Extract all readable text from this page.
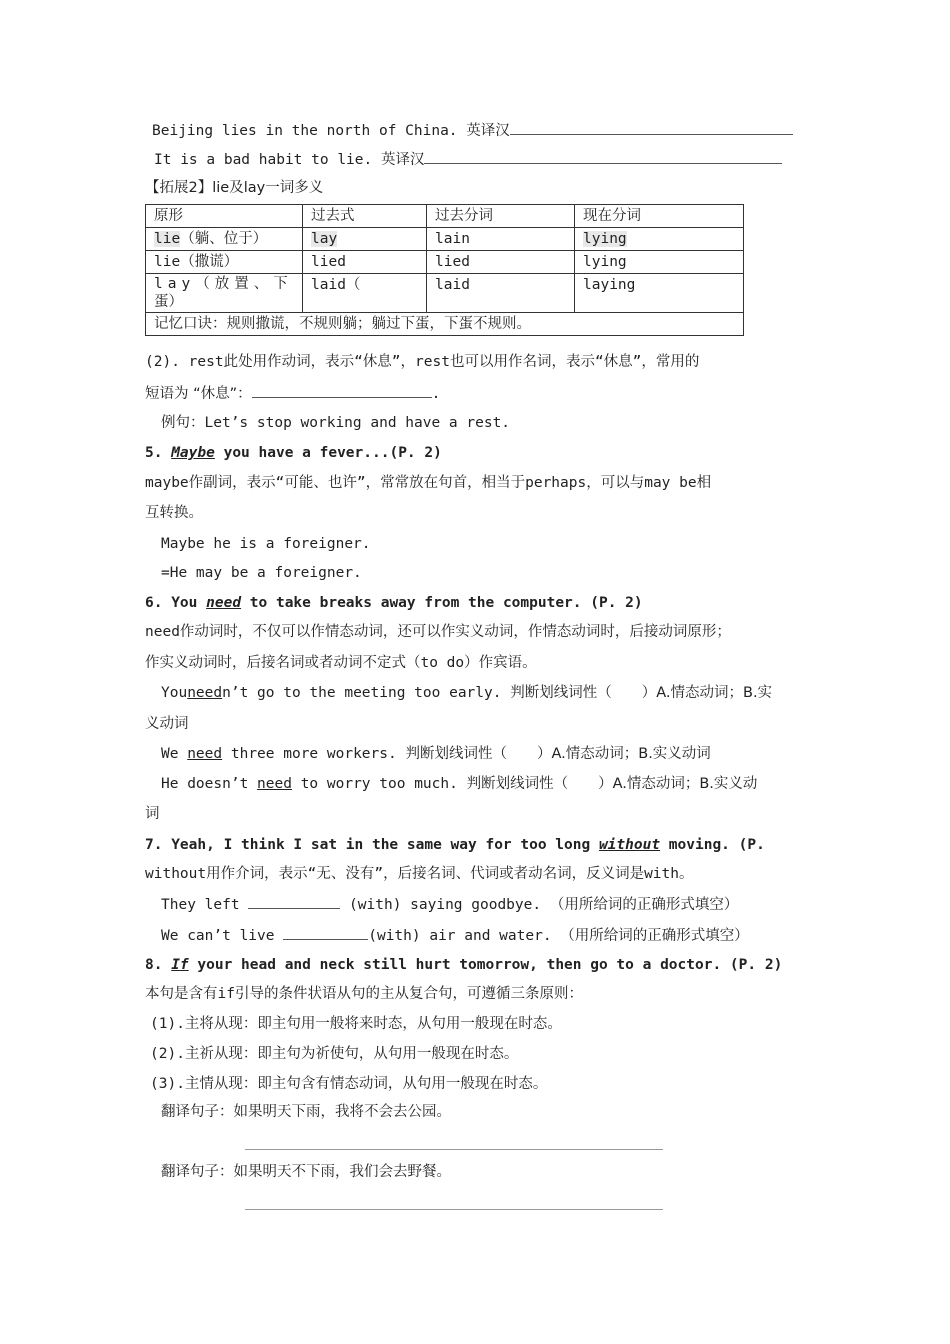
Beijing lies in the north of China. 英译汉
It is a bad habit to lie. 英译汉
【拓展2】lie及lay一词多义
原形	过去式	过去分词	现在分词
lie（躺、位于）	lay	lain	lying
lie（撒谎）	lied	lied	lying

lay（放置、下
蛋）	laid（	laid	laying
记忆口诀：规则撒谎，不规则躺；躺过下蛋，下蛋不规则。			
(2). rest此处用作动词，表示“休息”，rest也可以用作名词，表示“休息”，常用的
短语为 “休息”：	.
例句：Let’s stop working and have a rest.
5. Maybe you have a fever...(P. 2)
maybe作副词，表示“可能、也许”，常常放在句首，相当于perhaps，可以与may be相
互转换。
Maybe he is a foreigner.
=He may be a foreigner.
6. You need to take breaks away from the computer. (P. 2)
need作动词时，不仅可以作情态动词，还可以作实义动词，作情态动词时，后接动词原形；
作实义动词时，后接名词或者动词不定式（to do）作宾语。
Youneedn’t go to the meeting too early. 判断划线词性（ ）A.情态动词；B.实
义动词
We need three more workers. 判断划线词性（ ）A.情态动词；B.实义动词
He doesn’t need to worry too much. 判断划线词性（ ）A.情态动词；B.实义动
词
7. Yeah, I think I sat in the same way for too long without moving. (P.
without用作介词，表示“无、没有”，后接名词、代词或者动名词，反义词是with。
They left	(with) saying goodbye. （用所给词的正确形式填空）
We can’t live	(with) air and water. （用所给词的正确形式填空）
8. If your head and neck still hurt tomorrow, then go to a doctor. (P. 2)
本句是含有if引导的条件状语从句的主从复合句，可遵循三条原则：
(1).主将从现：即主句用一般将来时态，从句用一般现在时态。
(2).主祈从现：即主句为祈使句，从句用一般现在时态。
(3).主情从现：即主句含有情态动词，从句用一般现在时态。
翻译句子：如果明天下雨，我将不会去公园。
翻译句子：如果明天不下雨，我们会去野餐。
